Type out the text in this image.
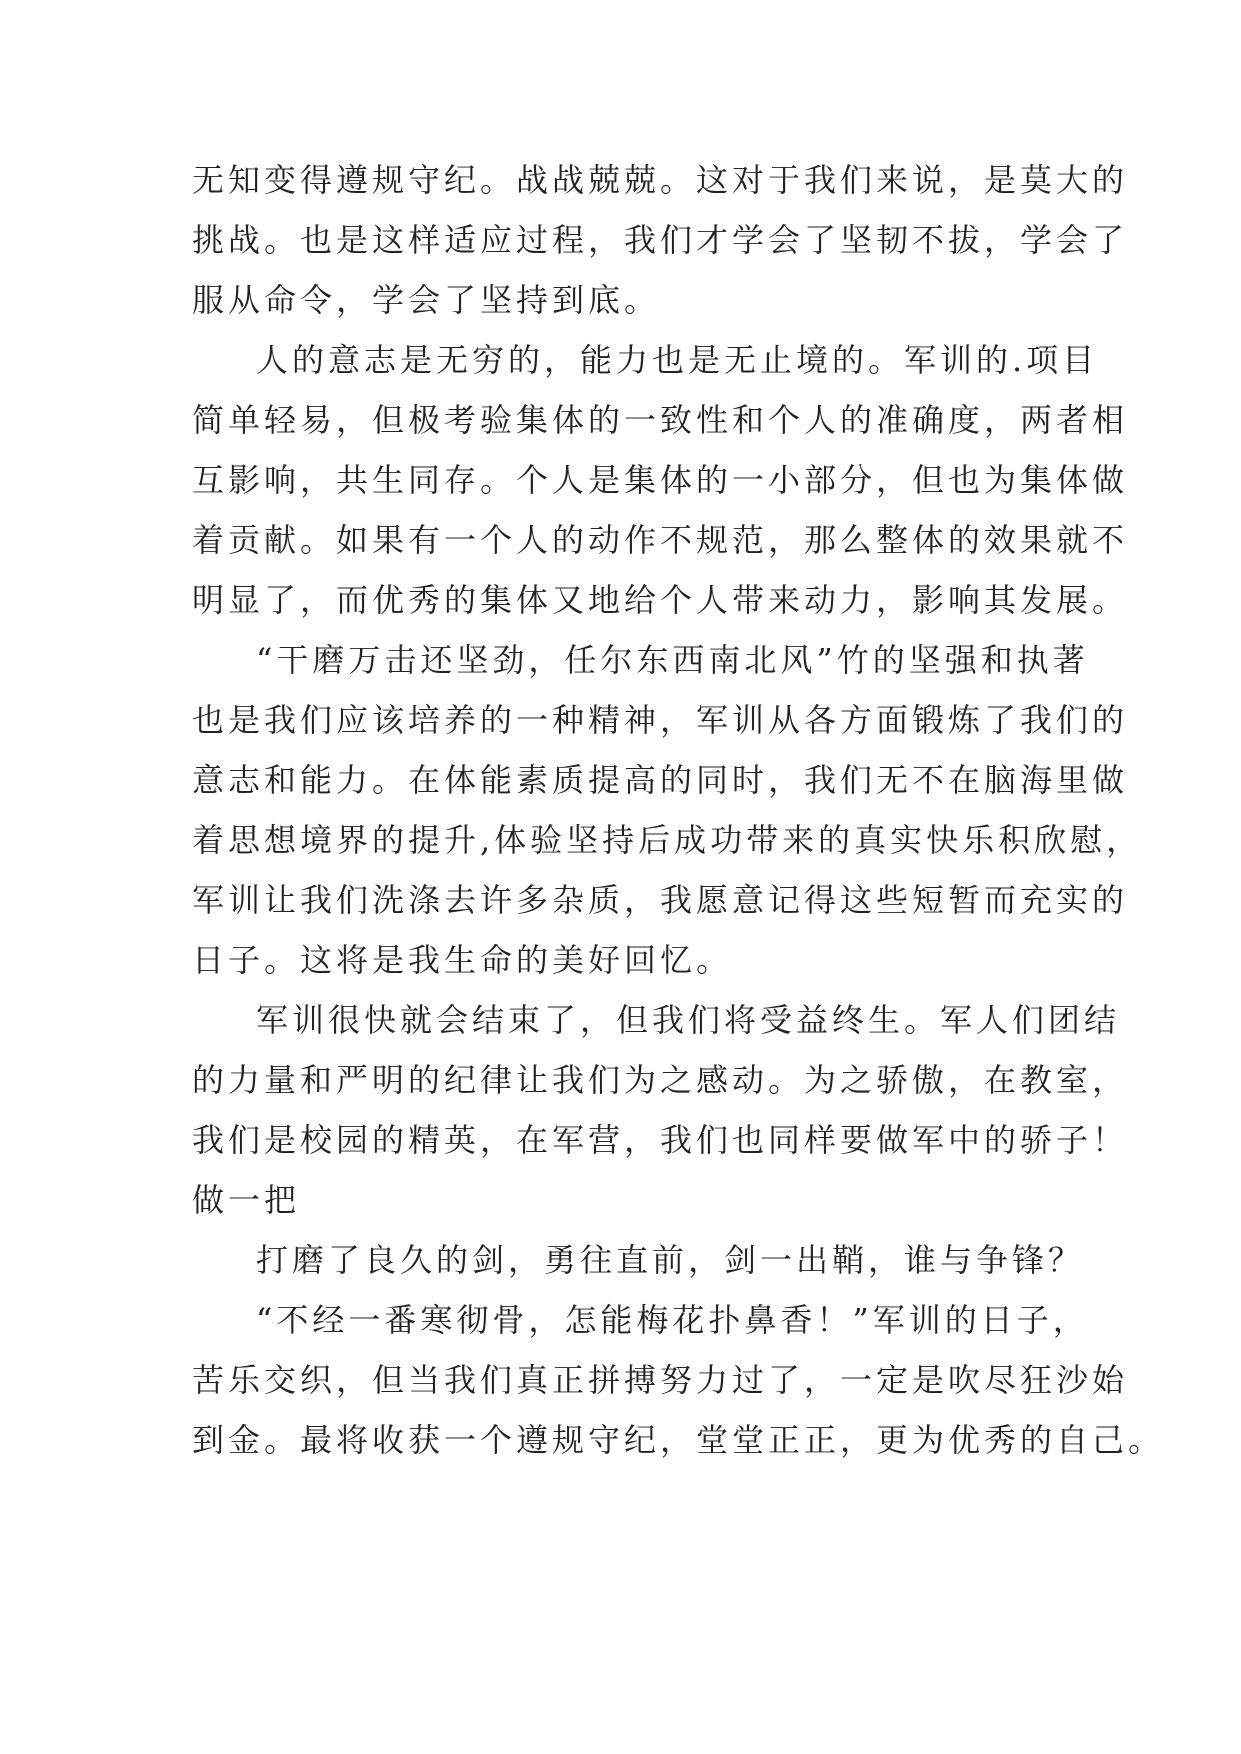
无知变得遵规守纪。战战兢兢。这对于我们来说，是莫大的
挑战。也是这样适应过程，我们才学会了坚韧不拔，学会了
服从命令，学会了坚持到底。
人的意志是无穷的，能力也是无止境的。军训的.项目
简单轻易，但极考验集体的一致性和个人的准确度，两者相
互影响，共生同存。个人是集体的一小部分，但也为集体做
着贡献。如果有一个人的动作不规范，那么整体的效果就不
明显了，而优秀的集体又地给个人带来动力，影响其发展。
“干磨万击还坚劲，任尔东西南北风”竹的坚强和执著
也是我们应该培养的一种精神，军训从各方面锻炼了我们的
意志和能力。在体能素质提高的同时，我们无不在脑海里做
着思想境界的提升,体验坚持后成功带来的真实快乐积欣慰，
军训让我们洗涤去许多杂质，我愿意记得这些短暂而充实的
日子。这将是我生命的美好回忆。
军训很快就会结束了，但我们将受益终生。军人们团结
的力量和严明的纪律让我们为之感动。为之骄傲，在教室，
我们是校园的精英，在军营，我们也同样要做军中的骄子！
做一把
打磨了良久的剑，勇往直前，剑一出鞘，谁与争锋？
“不经一番寒彻骨，怎能梅花扑鼻香！”军训的日子，
苦乐交织，但当我们真正拼搏努力过了，一定是吹尽狂沙始
到金。最将收获一个遵规守纪，堂堂正正，更为优秀的自己。
